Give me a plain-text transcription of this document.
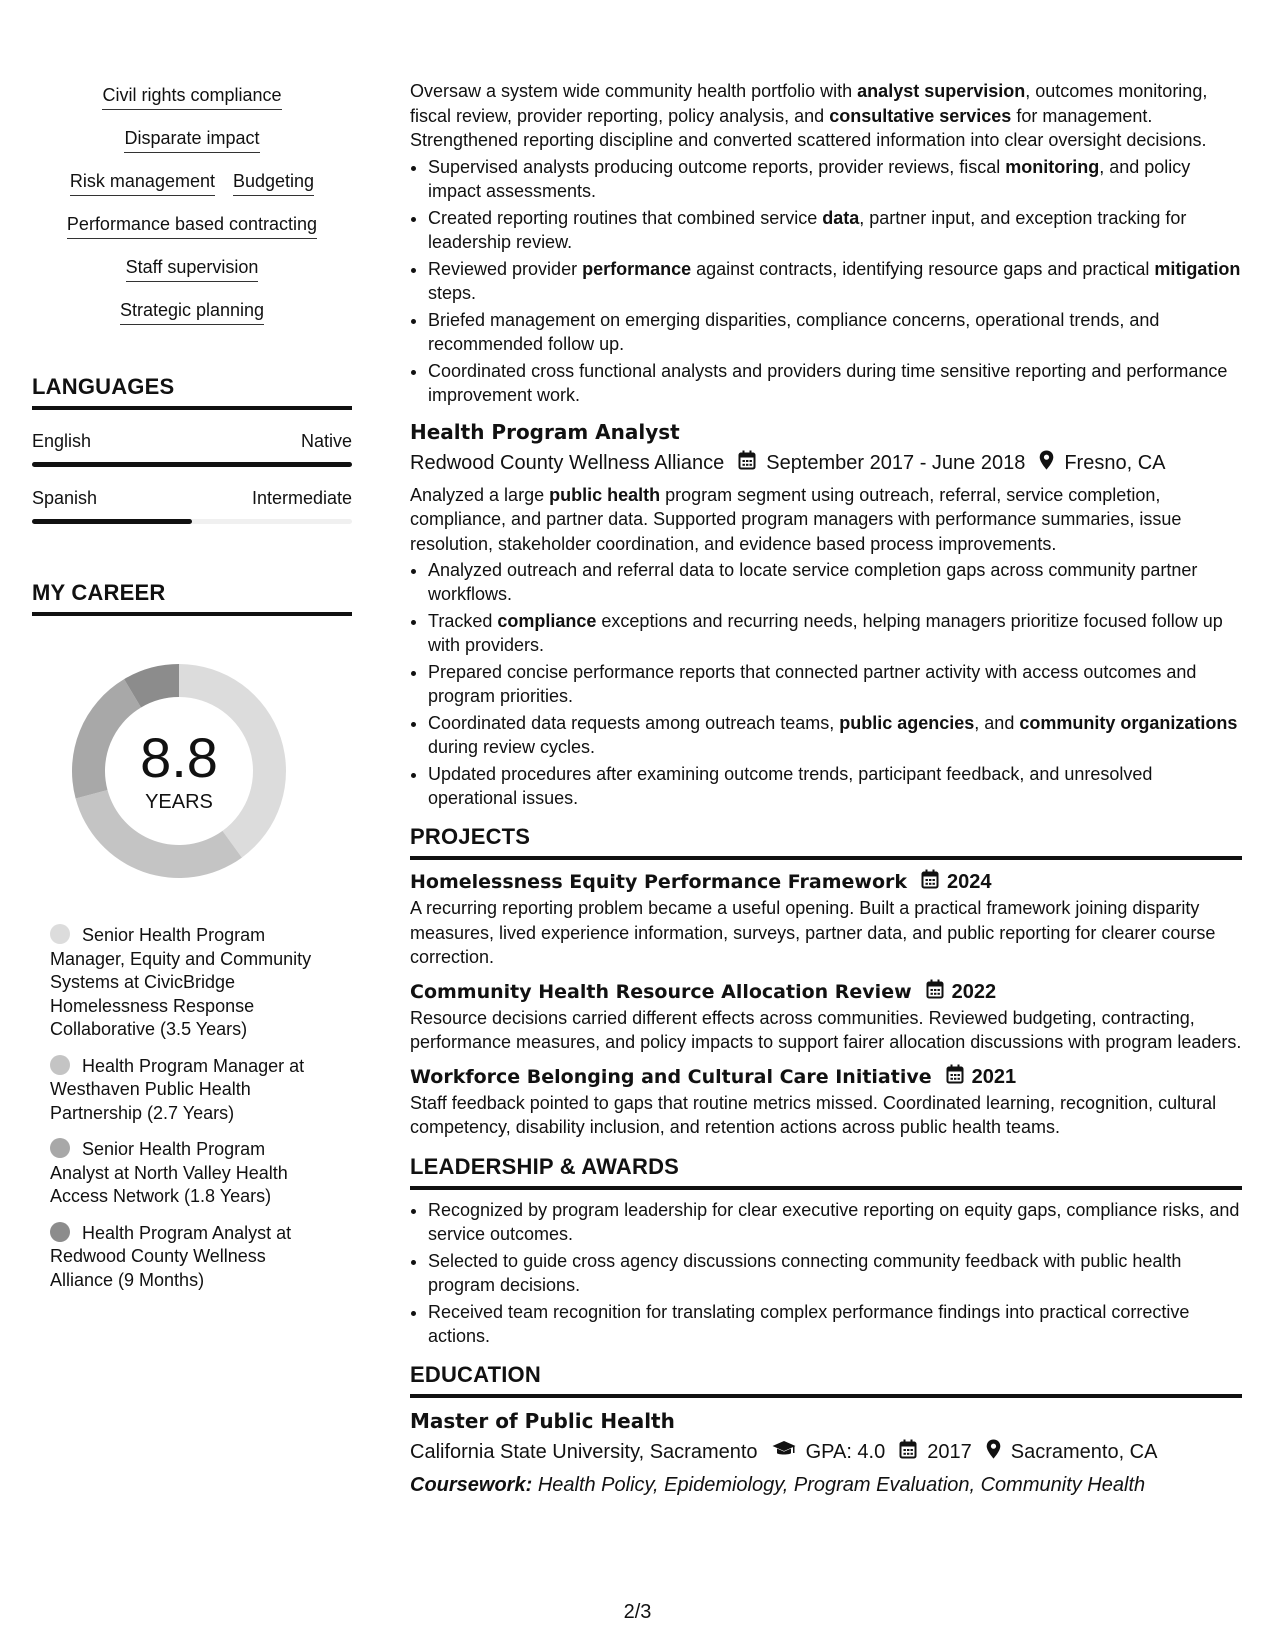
Civil rights compliance
Disparate impact
Risk management Budgeting
Performance based contracting
Staff supervision
Strategic planning
LANGUAGES
English	Native
Spanish	Intermediate
MY CAREER
8.8
YEARS
Senior Health Program Manager, Equity and Community Systems at CivicBridge Homelessness Response Collaborative (3.5 Years)
Health Program Manager at Westhaven Public Health Partnership (2.7 Years)
Senior Health Program Analyst at North Valley Health Access Network (1.8 Years)
Health Program Analyst at Redwood County Wellness Alliance (9 Months)
Oversaw a system wide community health portfolio with analyst supervision, outcomes monitoring, fiscal review, provider reporting, policy analysis, and consultative services for management. Strengthened reporting discipline and converted scattered information into clear oversight decisions.
• Supervised analysts producing outcome reports, provider reviews, fiscal monitoring, and policy impact assessments.
• Created reporting routines that combined service data, partner input, and exception tracking for leadership review.
• Reviewed provider performance against contracts, identifying resource gaps and practical mitigation steps.
• Briefed management on emerging disparities, compliance concerns, operational trends, and recommended follow up.
• Coordinated cross functional analysts and providers during time sensitive reporting and performance improvement work.
Health Program Analyst
Redwood County Wellness Alliance September 2017 - June 2018 Fresno, CA
Analyzed a large public health program segment using outreach, referral, service completion, compliance, and partner data. Supported program managers with performance summaries, issue resolution, stakeholder coordination, and evidence based process improvements.
• Analyzed outreach and referral data to locate service completion gaps across community partner workflows.
• Tracked compliance exceptions and recurring needs, helping managers prioritize focused follow up with providers.
• Prepared concise performance reports that connected partner activity with access outcomes and program priorities.
• Coordinated data requests among outreach teams, public agencies, and community organizations during review cycles.
• Updated procedures after examining outcome trends, participant feedback, and unresolved operational issues.
PROJECTS
Homelessness Equity Performance Framework 2024
A recurring reporting problem became a useful opening. Built a practical framework joining disparity measures, lived experience information, surveys, partner data, and public reporting for clearer course correction.
Community Health Resource Allocation Review 2022
Resource decisions carried different effects across communities. Reviewed budgeting, contracting, performance measures, and policy impacts to support fairer allocation discussions with program leaders.
Workforce Belonging and Cultural Care Initiative 2021
Staff feedback pointed to gaps that routine metrics missed. Coordinated learning, recognition, cultural competency, disability inclusion, and retention actions across public health teams.
LEADERSHIP & AWARDS
• Recognized by program leadership for clear executive reporting on equity gaps, compliance risks, and service outcomes.
• Selected to guide cross agency discussions connecting community feedback with public health program decisions.
• Received team recognition for translating complex performance findings into practical corrective actions.
EDUCATION
Master of Public Health
California State University, Sacramento GPA: 4.0 2017 Sacramento, CA
Coursework: Health Policy, Epidemiology, Program Evaluation, Community Health
2/3
